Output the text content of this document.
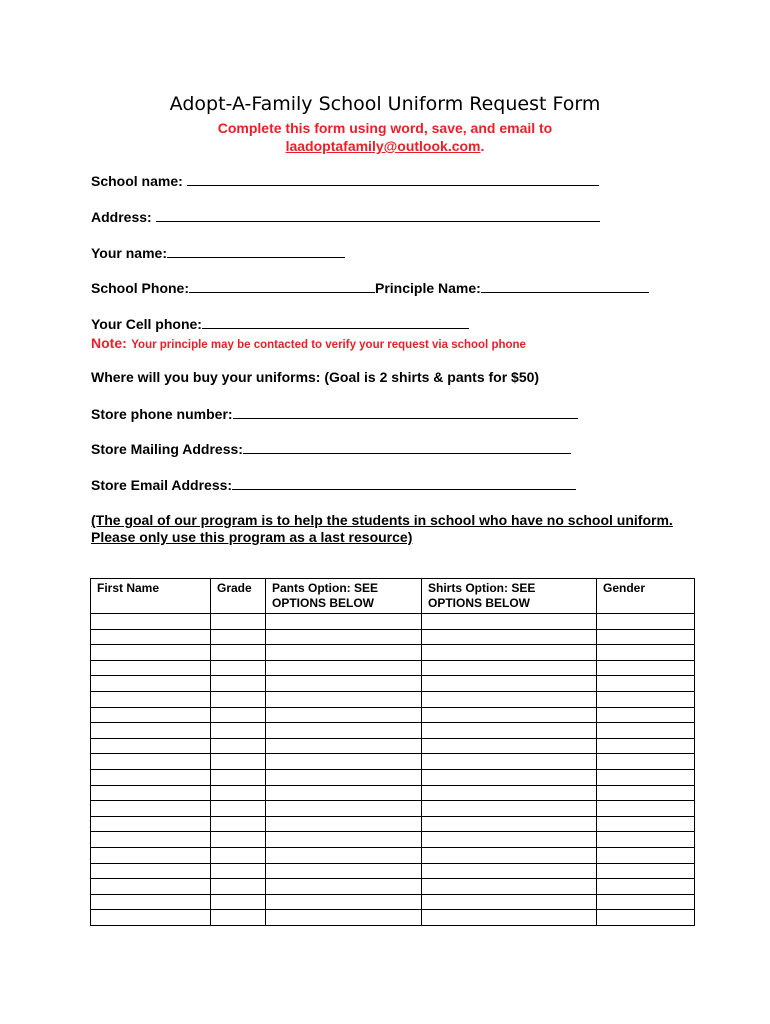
Adopt-A-Family School Uniform Request Form
Complete this form using word, save, and email to
laadoptafamily@outlook.com.
School name:
Address:
Your name:
School Phone:	Principle Name:
Your Cell phone:
Note: Your principle may be contacted to verify your request via school phone
Where will you buy your uniforms: (Goal is 2 shirts & pants for $50)
Store phone number:
Store Mailing Address:
Store Email Address:
(The goal of our program is to help the students in school who have no school uniform. Please only use this program as a last resource)
First Name	Grade	Pants Option: SEE OPTIONS BELOW	Shirts Option: SEE OPTIONS BELOW	Gender
